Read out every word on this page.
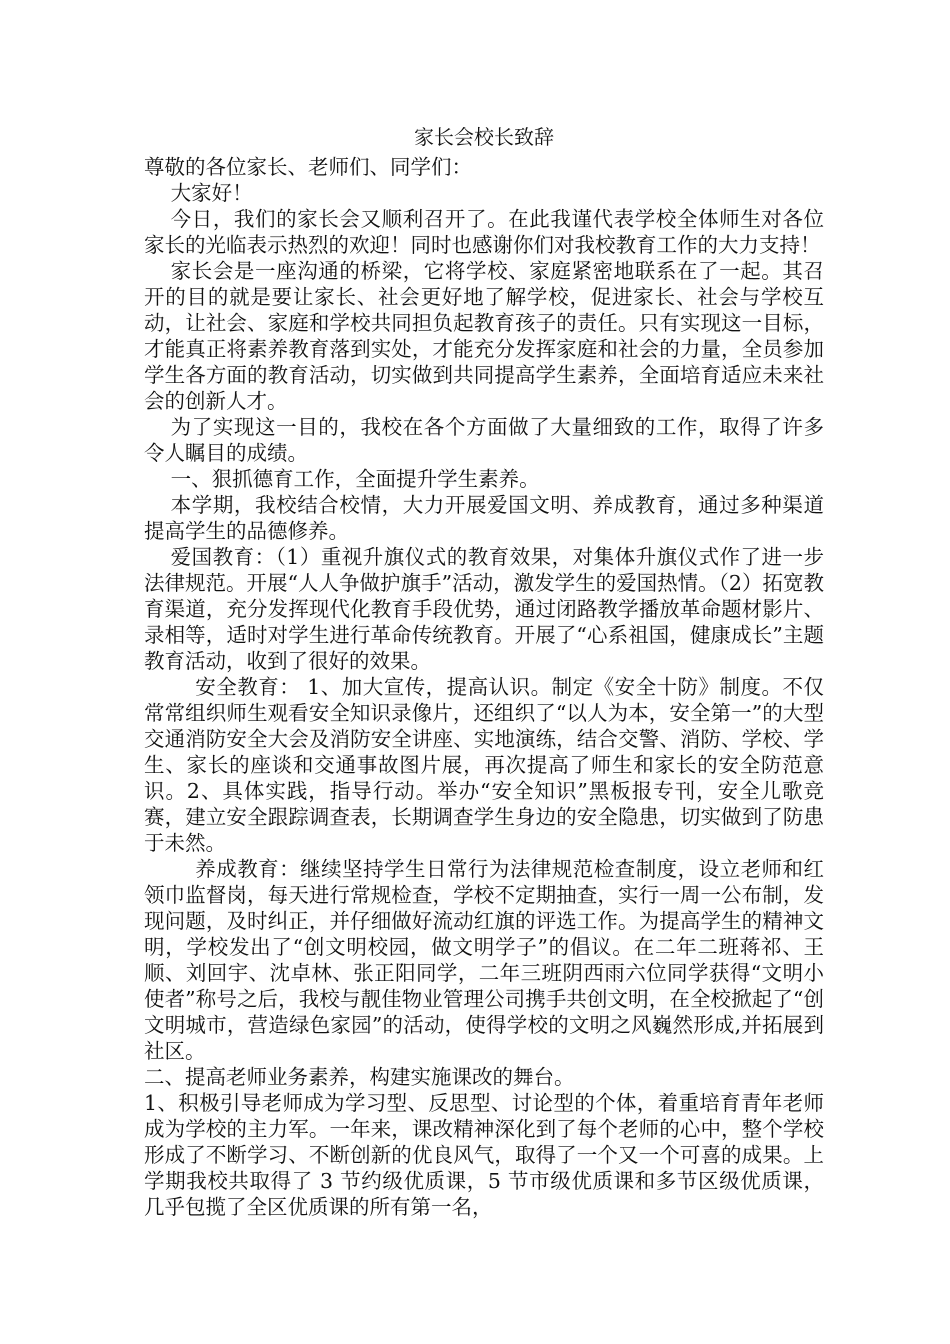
家长会校长致辞

尊敬的各位家长、老师们、同学们：

大家好！

今日，我们的家长会又顺利召开了。在此我谨代表学校全体师生对各位家长的光临表示热烈的欢迎！同时也感谢你们对我校教育工作的大力支持！

家长会是一座沟通的桥梁，它将学校、家庭紧密地联系在了一起。其召开的目的就是要让家长、社会更好地了解学校，促进家长、社会与学校互动，让社会、家庭和学校共同担负起教育孩子的责任。只有实现这一目标，才能真正将素养教育落到实处，才能充分发挥家庭和社会的力量，全员参加学生各方面的教育活动，切实做到共同提高学生素养，全面培育适应未来社会的创新人才。

为了实现这一目的，我校在各个方面做了大量细致的工作，取得了许多令人瞩目的成绩。

一、狠抓德育工作，全面提升学生素养。

本学期，我校结合校情，大力开展爱国文明、养成教育，通过多种渠道提高学生的品德修养。

爱国教育：（1）重视升旗仪式的教育效果，对集体升旗仪式作了进一步法律规范。开展“人人争做护旗手”活动，激发学生的爱国热情。（2）拓宽教育渠道，充分发挥现代化教育手段优势，通过闭路教学播放革命题材影片、录相等，适时对学生进行革命传统教育。开展了“心系祖国，健康成长”主题教育活动，收到了很好的效果。

安全教育： 1、加大宣传，提高认识。制定《安全十防》制度。不仅常常组织师生观看安全知识录像片，还组织了“以人为本，安全第一”的大型交通消防安全大会及消防安全讲座、实地演练，结合交警、消防、学校、学生、家长的座谈和交通事故图片展，再次提高了师生和家长的安全防范意识。2、具体实践，指导行动。举办“安全知识”黑板报专刊，安全儿歌竞赛，建立安全跟踪调查表，长期调查学生身边的安全隐患，切实做到了防患于未然。

养成教育：继续坚持学生日常行为法律规范检查制度，设立老师和红领巾监督岗，每天进行常规检查，学校不定期抽查，实行一周一公布制，发现问题，及时纠正，并仔细做好流动红旗的评选工作。为提高学生的精神文明，学校发出了“创文明校园，做文明学子”的倡议。在二年二班蒋祁、王顺、刘回宇、沈卓林、张正阳同学，二年三班阴西雨六位同学获得“文明小使者”称号之后，我校与靓佳物业管理公司携手共创文明，在全校掀起了“创文明城市，营造绿色家园”的活动，使得学校的文明之风巍然形成,并拓展到社区。

二、提高老师业务素养，构建实施课改的舞台。

1、积极引导老师成为学习型、反思型、讨论型的个体，着重培育青年老师成为学校的主力军。一年来，课改精神深化到了每个老师的心中，整个学校形成了不断学习、不断创新的优良风气，取得了一个又一个可喜的成果。上学期我校共取得了 3 节约级优质课，5 节市级优质课和多节区级优质课，几乎包揽了全区优质课的所有第一名，
